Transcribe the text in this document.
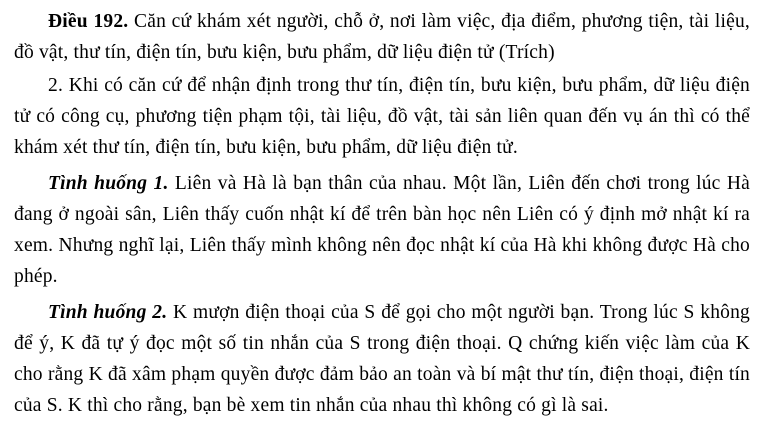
Điều 192. Căn cứ khám xét người, chỗ ở, nơi làm việc, địa điểm, phương tiện, tài liệu, đồ vật, thư tín, điện tín, bưu kiện, bưu phẩm, dữ liệu điện tử (Trích)

2. Khi có căn cứ để nhận định trong thư tín, điện tín, bưu kiện, bưu phẩm, dữ liệu điện tử có công cụ, phương tiện phạm tội, tài liệu, đồ vật, tài sản liên quan đến vụ án thì có thể khám xét thư tín, điện tín, bưu kiện, bưu phẩm, dữ liệu điện tử.

Tình huống 1. Liên và Hà là bạn thân của nhau. Một lần, Liên đến chơi trong lúc Hà đang ở ngoài sân, Liên thấy cuốn nhật kí để trên bàn học nên Liên có ý định mở nhật kí ra xem. Nhưng nghĩ lại, Liên thấy mình không nên đọc nhật kí của Hà khi không được Hà cho phép.

Tình huống 2. K mượn điện thoại của S để gọi cho một người bạn. Trong lúc S không để ý, K đã tự ý đọc một số tin nhắn của S trong điện thoại. Q chứng kiến việc làm của K cho rằng K đã xâm phạm quyền được đảm bảo an toàn và bí mật thư tín, điện thoại, điện tín của S. K thì cho rằng, bạn bè xem tin nhắn của nhau thì không có gì là sai.
